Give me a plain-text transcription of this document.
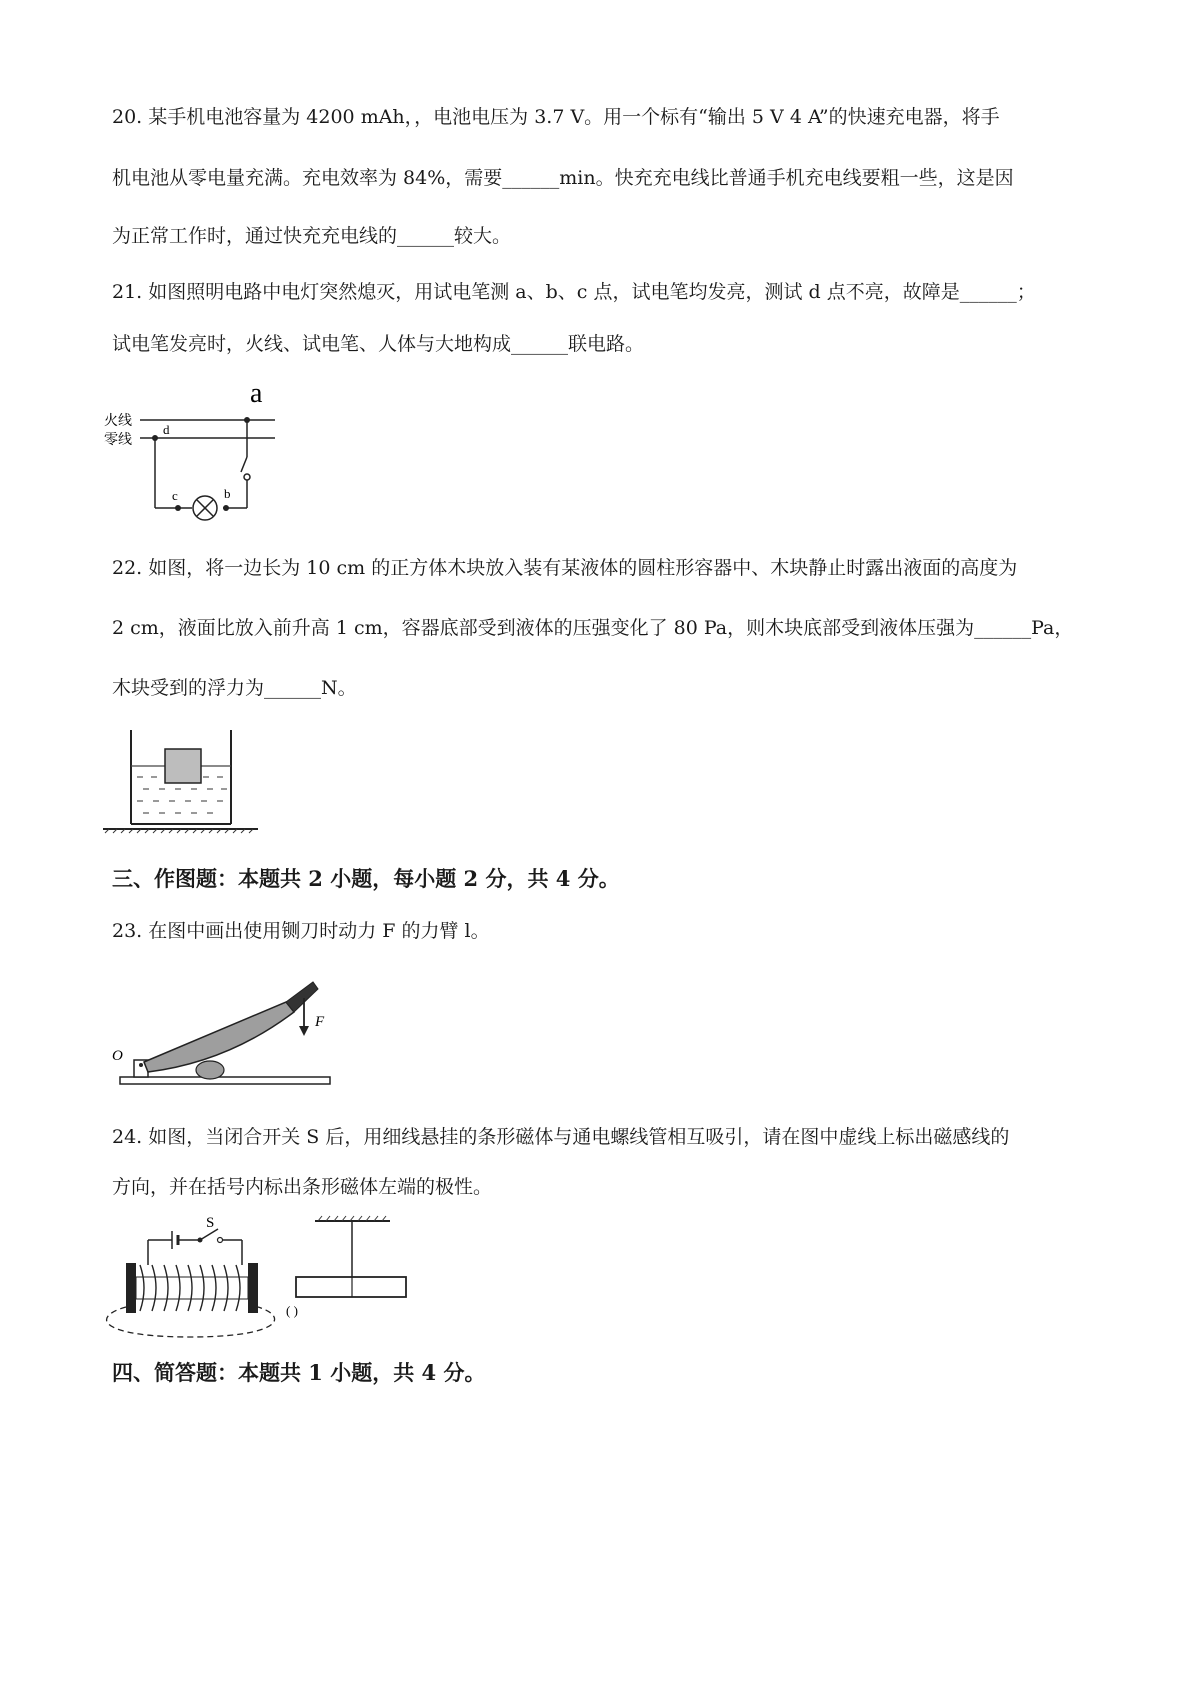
20. 某手机电池容量为 4200 mAh，，电池电压为 3.7 V。用一个标有“输出 5 V 4 A”的快速充电器，将手
机电池从零电量充满。充电效率为 84%，需要______min。快充充电线比普通手机充电线要粗一些，这是因
为正常工作时，通过快充充电线的______较大。
21. 如图照明电路中电灯突然熄灭，用试电笔测 a、b、c 点，试电笔均发亮，测试 d 点不亮，故障是______；
试电笔发亮时，火线、试电笔、人体与大地构成______联电路。
a
火线
零线
d
c	b
22. 如图，将一边长为 10 cm 的正方体木块放入装有某液体的圆柱形容器中、木块静止时露出液面的高度为
2 cm，液面比放入前升高 1 cm，容器底部受到液体的压强变化了 80 Pa，则木块底部受到液体压强为______Pa，
木块受到的浮力为______N。
三、作图题：本题共 2 小题，每小题 2 分，共 4 分。
23. 在图中画出使用铡刀时动力 F 的力臂 l。
O
F
24. 如图，当闭合开关 S 后，用细线悬挂的条形磁体与通电螺线管相互吸引，请在图中虚线上标出磁感线的
方向，并在括号内标出条形磁体左端的极性。
S
( )
四、简答题：本题共 1 小题，共 4 分。
